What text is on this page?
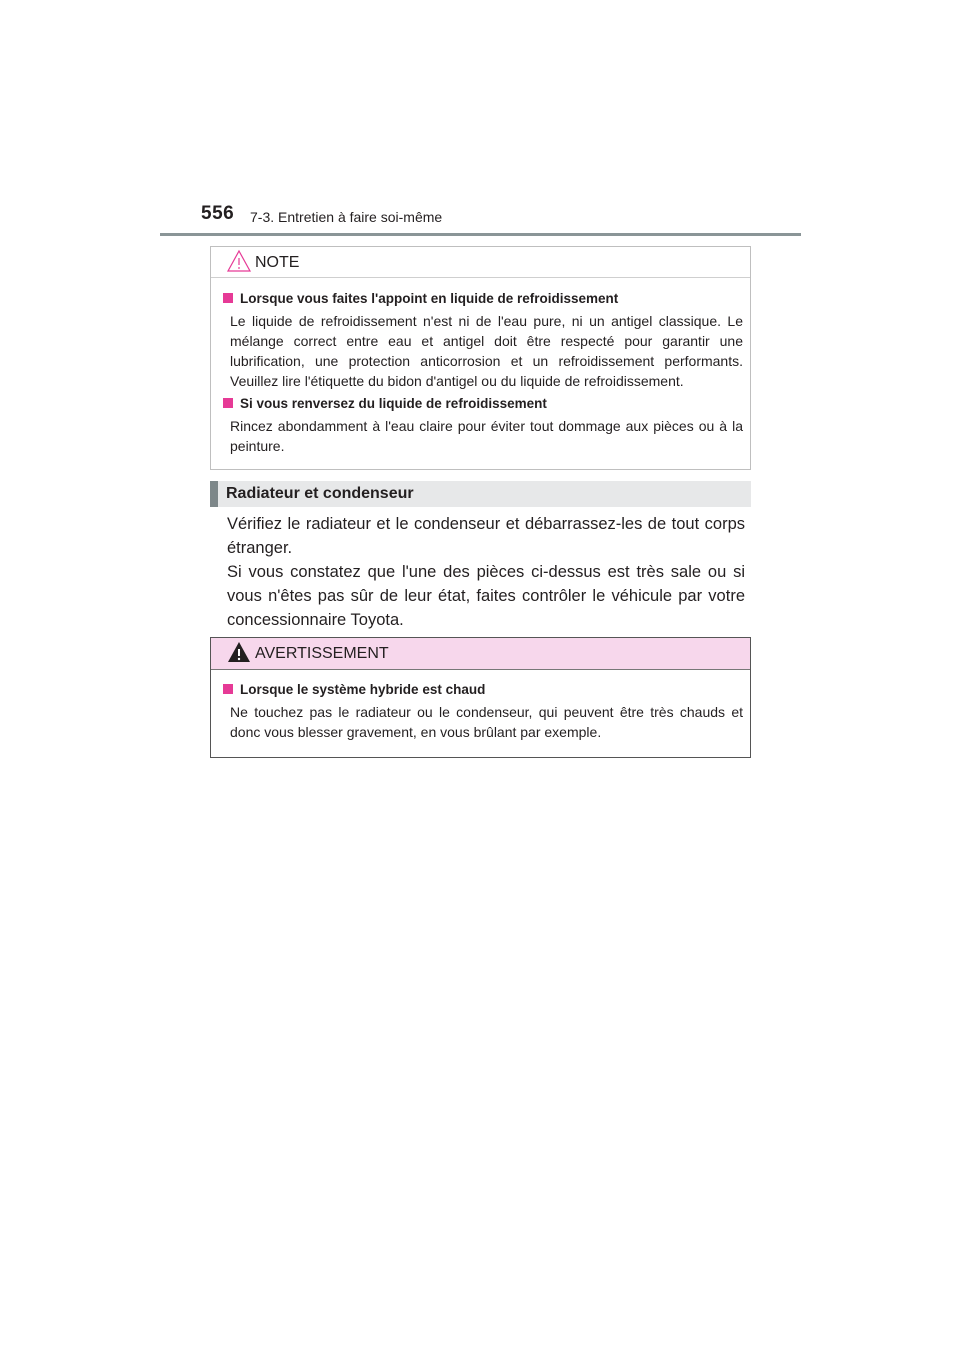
556 7-3. Entretien à faire soi-même
NOTE
Lorsque vous faites l'appoint en liquide de refroidissement
Le liquide de refroidissement n'est ni de l'eau pure, ni un antigel classique. Le mélange correct entre eau et antigel doit être respecté pour garantir une lubrification, une protection anticorrosion et un refroidissement performants. Veuillez lire l'étiquette du bidon d'antigel ou du liquide de refroidissement.
Si vous renversez du liquide de refroidissement
Rincez abondamment à l'eau claire pour éviter tout dommage aux pièces ou à la peinture.
Radiateur et condenseur

Vérifiez le radiateur et le condenseur et débarrassez-les de tout corps étranger.

Si vous constatez que l'une des pièces ci-dessus est très sale ou si vous n'êtes pas sûr de leur état, faites contrôler le véhicule par votre concessionnaire Toyota.

AVERTISSEMENT
Lorsque le système hybride est chaud
Ne touchez pas le radiateur ou le condenseur, qui peuvent être très chauds et donc vous blesser gravement, en vous brûlant par exemple.
